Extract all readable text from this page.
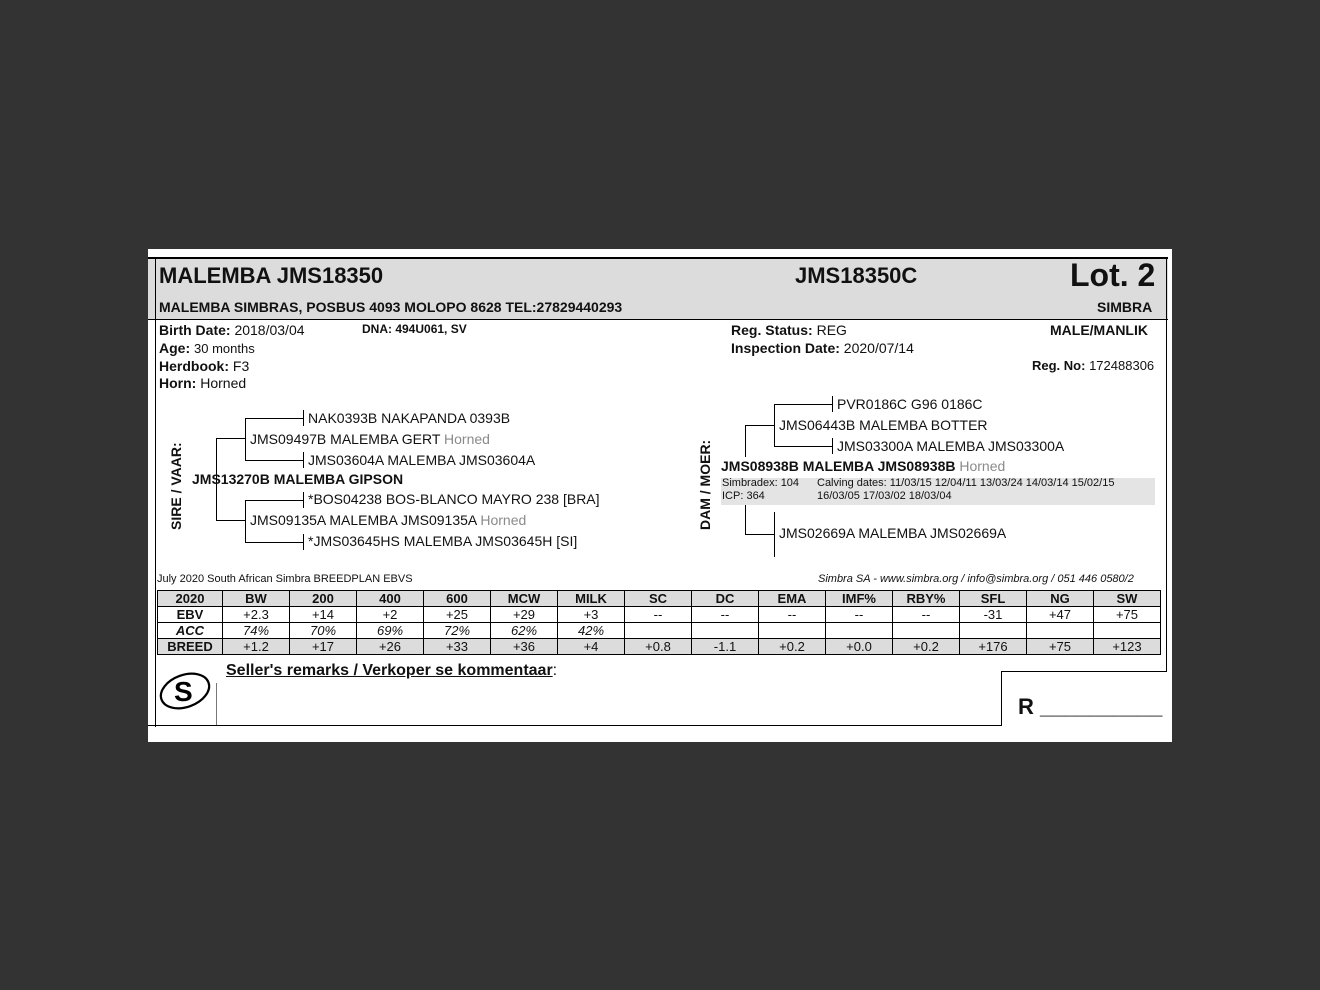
MALEMBA JMS18350	JMS18350C	Lot. 2
MALEMBA SIMBRAS, POSBUS 4093 MOLOPO 8628 TEL:27829440293	SIMBRA
Birth Date: 2018/03/04	DNA: 494U061, SV
Age: 30 months
Herdbook: F3
Horn: Horned
Reg. Status: REG
Inspection Date: 2020/07/14
MALE/MANLIK
Reg. No: 172488306
SIRE / VAAR:
NAK0393B NAKAPANDA 0393B
JMS09497B MALEMBA GERT Horned
JMS03604A MALEMBA JMS03604A
JMS13270B MALEMBA GIPSON
*BOS04238 BOS-BLANCO MAYRO 238 [BRA]
JMS09135A MALEMBA JMS09135A Horned
*JMS03645HS MALEMBA JMS03645H [SI]
DAM / MOER:
PVR0186C G96 0186C
JMS06443B MALEMBA BOTTER
JMS03300A MALEMBA JMS03300A
JMS08938B MALEMBA JMS08938B Horned
Simbradex: 104
ICP: 364
Calving dates: 11/03/15 12/04/11 13/03/24 14/03/14 15/02/15
16/03/05 17/03/02 18/03/04
JMS02669A MALEMBA JMS02669A
July 2020 South African Simbra BREEDPLAN EBVS	Simbra SA - www.simbra.org / info@simbra.org / 051 446 0580/2
2020	BW	200	400	600	MCW	MILK	SC	DC	EMA	IMF%	RBY%	SFL	NG	SW
EBV	+2.3	+14	+2	+25	+29	+3	--	--	--	--	--	-31	+47	+75
ACC	74%	70%	69%	72%	62%	42%								
BREED	+1.2	+17	+26	+33	+36	+4	+0.8	-1.1	+0.2	+0.0	+0.2	+176	+75	+123
S
Seller's remarks / Verkoper se kommentaar:
R __________
